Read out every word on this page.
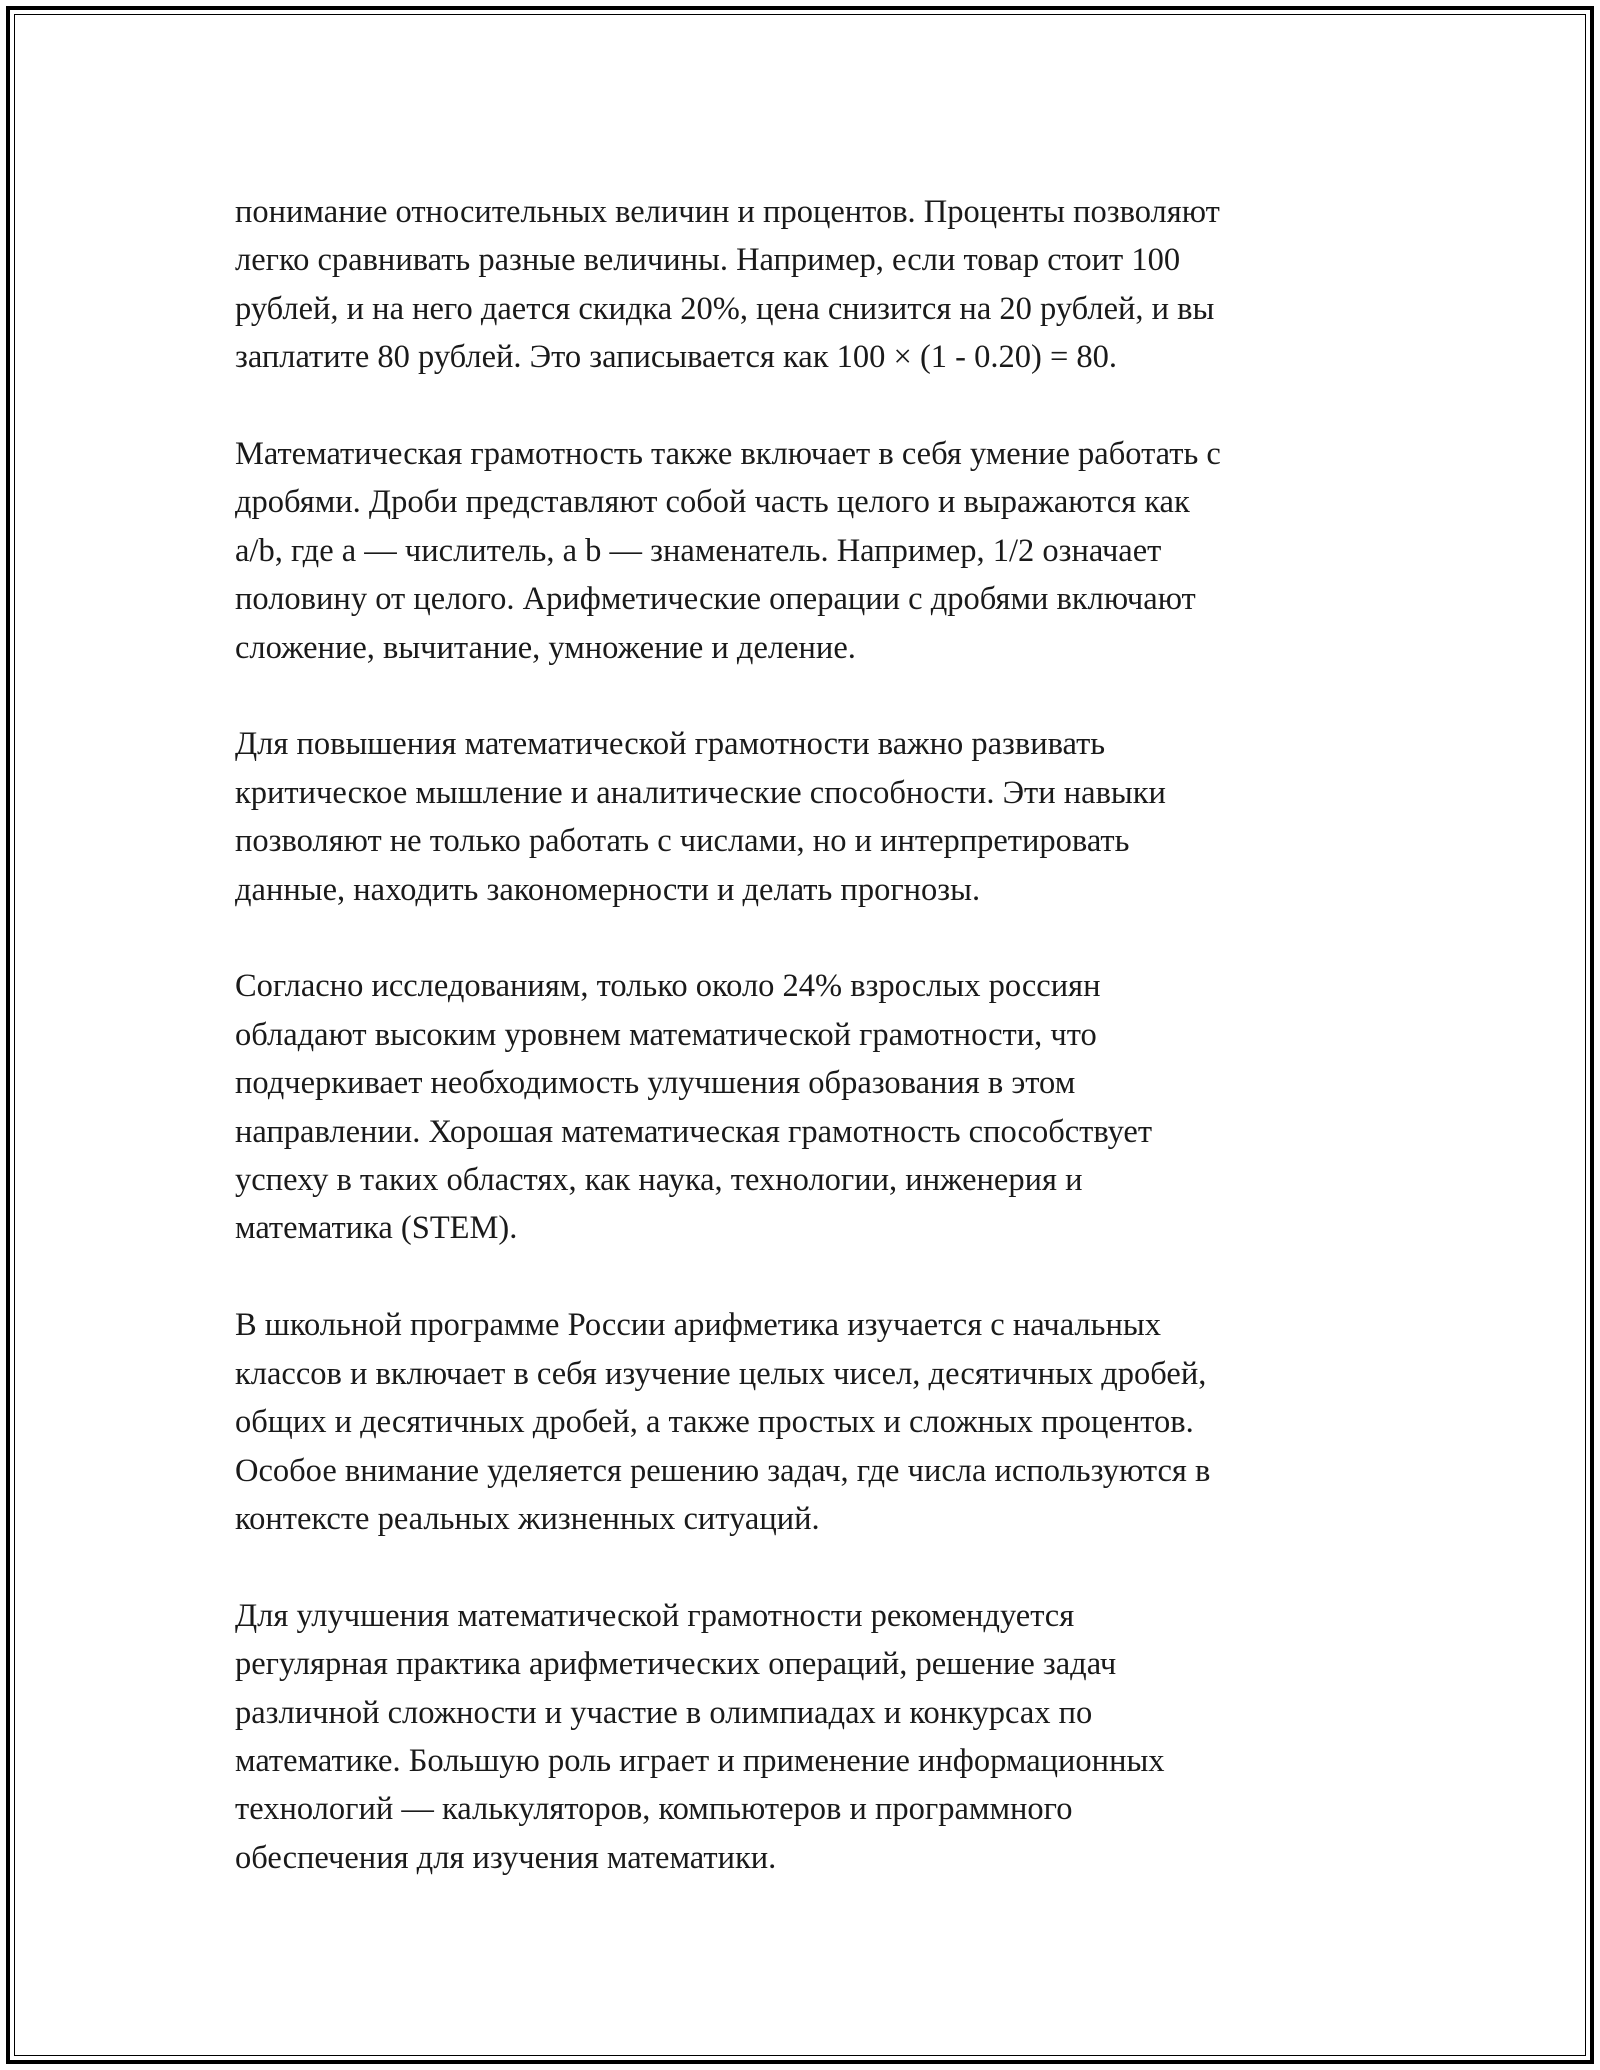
понимание относительных величин и процентов. Проценты позволяют
легко сравнивать разные величины. Например, если товар стоит 100
рублей, и на него дается скидка 20%, цена снизится на 20 рублей, и вы
заплатите 80 рублей. Это записывается как 100 × (1 - 0.20) = 80.

Математическая грамотность также включает в себя умение работать с
дробями. Дроби представляют собой часть целого и выражаются как
a/b, где a — числитель, а b — знаменатель. Например, 1/2 означает
половину от целого. Арифметические операции с дробями включают
сложение, вычитание, умножение и деление.

Для повышения математической грамотности важно развивать
критическое мышление и аналитические способности. Эти навыки
позволяют не только работать с числами, но и интерпретировать
данные, находить закономерности и делать прогнозы.

Согласно исследованиям, только около 24% взрослых россиян
обладают высоким уровнем математической грамотности, что
подчеркивает необходимость улучшения образования в этом
направлении. Хорошая математическая грамотность способствует
успеху в таких областях, как наука, технологии, инженерия и
математика (STEM).

В школьной программе России арифметика изучается с начальных
классов и включает в себя изучение целых чисел, десятичных дробей,
общих и десятичных дробей, а также простых и сложных процентов.
Особое внимание уделяется решению задач, где числа используются в
контексте реальных жизненных ситуаций.

Для улучшения математической грамотности рекомендуется
регулярная практика арифметических операций, решение задач
различной сложности и участие в олимпиадах и конкурсах по
математике. Большую роль играет и применение информационных
технологий — калькуляторов, компьютеров и программного
обеспечения для изучения математики.
